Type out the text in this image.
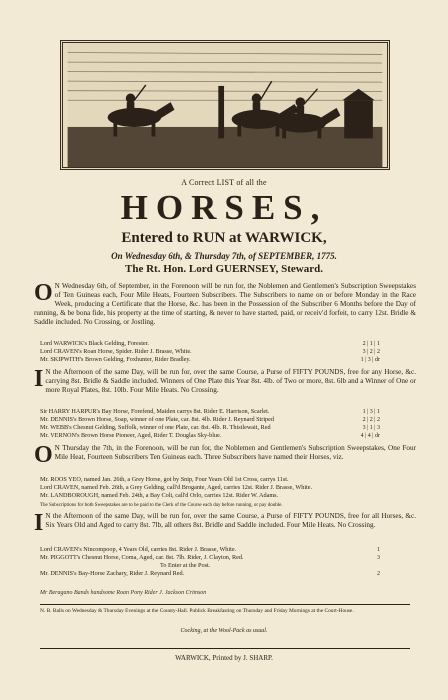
A Correct LIST of all the
HORSES,
Entered to RUN at WARWICK,
On Wednesday 6th, & Thursday 7th, of SEPTEMBER, 1775.
The Rt. Hon. Lord GUERNSEY, Steward.
O N Wednesday 6th, of September, in the Forenoon will be run for, the Noblemen and Gentlemen's Subscription Sweepstakes of Ten Guineas each, Four Mile Heats, Fourteen Subscribers. The Subscribers to name on or before Monday in the Race Week, producing a Certificate that the Horse, &c. has been in the Possession of the Subscriber 6 Months before the Day of running, & be bona fide, his property at the time of starting, & never to have started, paid, or receiv'd forfeit, to carry 12st. Bridle & Saddle included. No Crossing, or Jostling.
Lord WARWICK's Black Gelding, Forester.	2 | 1 | 1
Lord CRAVEN's Roan Horse, Spider. Rider J. Brasse, White.	3 | 2 | 2
Mr. SKIPWITH's Brown Gelding, Foxhunter, Rider Bradley.	1 | 3 | dr
I N the Afternoon of the same Day, will be run for, over the same Course, a Purse of FIFTY POUNDS, free for any Horse, &c. carrying 8st. Bridle & Saddle included. Winners of One Plate this Year 8st. 4lb. of Two or more, 8st. 6lb and a Winner of One or more Royal Plates, 8st. 10lb. Four Mile Heats. No Crossing.
Sir HARRY HARPUR's Bay Horse, Forefend, Maiden carrys 8st. Rider E. Harrison, Scarlet.	1 | 3 | 1
Mr. DENNIS's Brown Horse, Soap, winner of one Plate, car. 8st. 4lb. Rider J. Reynard Striped	2 | 2 | 2
Mr. WEBB's Chesnut Gelding, Suffolk, winner of one Plate, car. 8st. 4lb. R. Thistlewait, Red	3 | 1 | 3
Mr. VERNON's Brown Horse Pioneer, Aged, Rider T. Douglas Sky-blue.	4 | 4 | dr
O N Thursday the 7th, in the Forenoon, will be run for, the Noblemen and Gentlemen's Subscription Sweepstakes, One Four Mile Heat, Fourteen Subscribers Ten Guineas each. Three Subscribers have named their Horses, viz.
Mr. ROOS YEO, named Jan. 26th, a Grey Horse, got by Snip, Four Years Old 1st Cross, carrys 11st.
Lord CRAVEN, named Feb. 26th, a Grey Gelding, call'd Brogante, Aged, carries 12st. Rider J. Brasse, White.
Mr. LANDBOROUGH, named Feb. 24th, a Bay Colt, call'd Orlo, carries 12st. Rider W. Adams.
The Subscriptions for both Sweepstakes are to be paid to the Clerk of the Course each day before running, or pay double.
I N the Afternoon of the same Day, will be run for, over the same Course, a Purse of FIFTY POUNDS, free for all Horses, &c. Six Years Old and Aged to carry 8st. 7lb, all others 8st. Bridle and Saddle included. Four Mile Heats. No Crossing.
Lord CRAVEN's Nincompoop, 4 Years Old, carries 8st. Rider J. Brasse, White.	1
Mr. PIGGOTT's Chesnut Horse, Coma, Aged, car. 8st. 7lb. Rider, J. Clayton, Red.	3
To Enter at the Post.
Mr. DENNIS's Bay-Horse Zachary, Rider J. Reynard Red.	2
Mr Beragano Bands handsome Roan Pony Rider J. Jackson Crimson
N. B. Balls on Wednesday & Thursday Evenings at the County-Hall. Publick Breakfasting on Thursday and Friday Mornings at the Court-House.
Cocking, at the Wool-Pack as usual.
WARWICK, Printed by J. SHARP.
